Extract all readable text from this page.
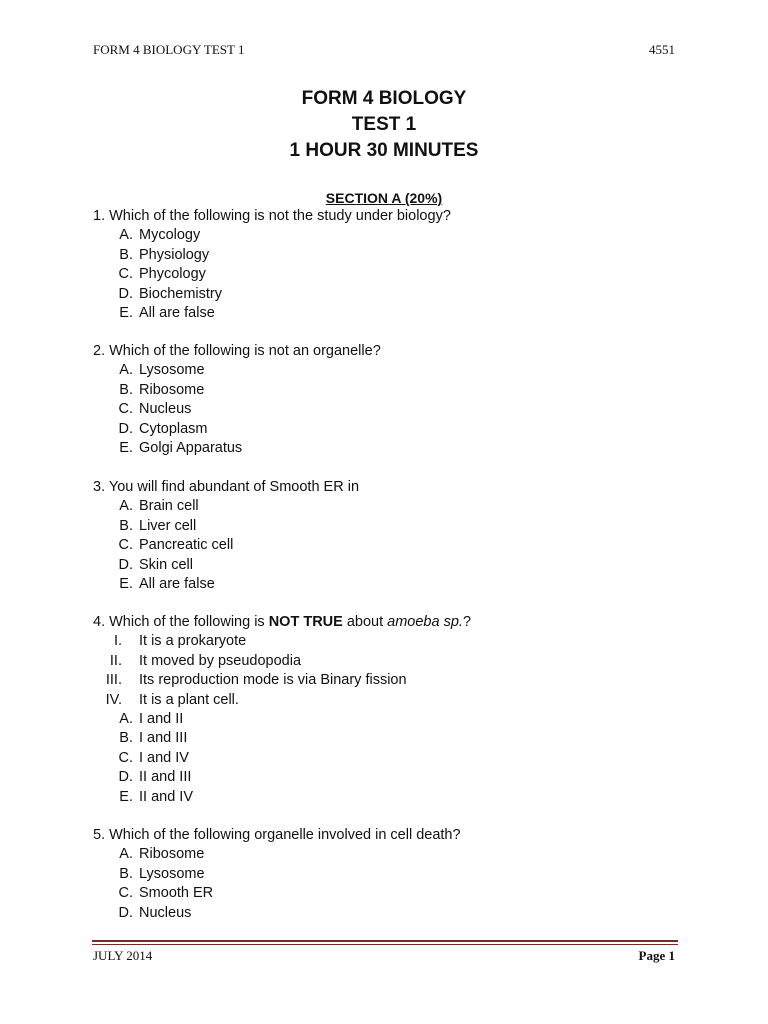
FORM 4 BIOLOGY TEST 1	4551
FORM 4 BIOLOGY
TEST 1
1 HOUR 30 MINUTES
SECTION A (20%)
1. Which of the following is not the study under biology?
A. Mycology
B. Physiology
C. Phycology
D. Biochemistry
E. All are false
2. Which of the following is not an organelle?
A. Lysosome
B. Ribosome
C. Nucleus
D. Cytoplasm
E. Golgi Apparatus
3. You will find abundant of Smooth ER in
A. Brain cell
B. Liver cell
C. Pancreatic cell
D. Skin cell
E. All are false
4. Which of the following is NOT TRUE about amoeba sp.?
I. It is a prokaryote
II. It moved by pseudopodia
III. Its reproduction mode is via Binary fission
IV. It is a plant cell.
A. I and II
B. I and III
C. I and IV
D. II and III
E. II and IV
5. Which of the following organelle involved in cell death?
A. Ribosome
B. Lysosome
C. Smooth ER
D. Nucleus
JULY 2014	Page 1
